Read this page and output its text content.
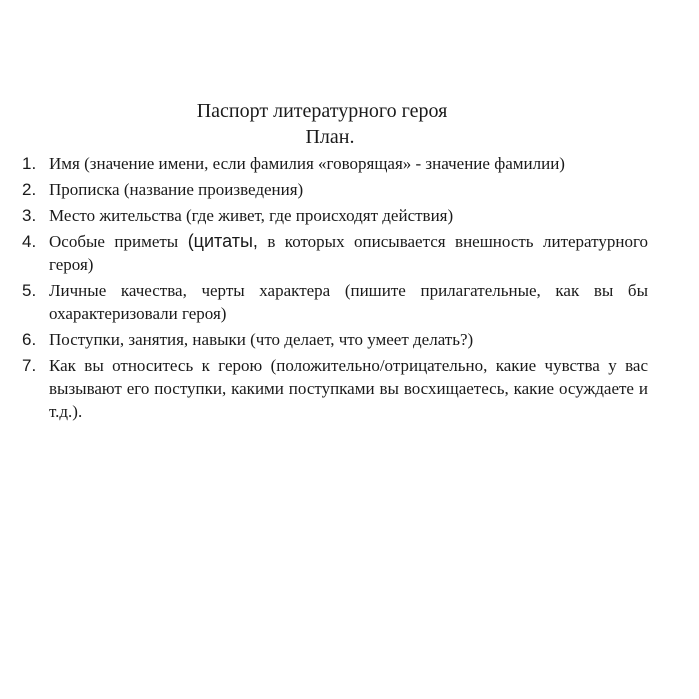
Паспорт литературного героя
План.
1. Имя (значение имени, если фамилия «говорящая» - значение фамилии)
2. Прописка (название произведения)
3. Место жительства (где живет, где происходят действия)
4. Особые приметы (цитаты, в которых описывается внешность литературного героя)
5. Личные качества, черты характера (пишите прилагательные, как вы бы охарактеризовали героя)
6. Поступки, занятия, навыки (что делает, что умеет делать?)
7. Как вы относитесь к герою (положительно/отрицательно, какие чувства у вас вызывают его поступки, какими поступками вы восхищаетесь, какие осуждаете и т.д.).
